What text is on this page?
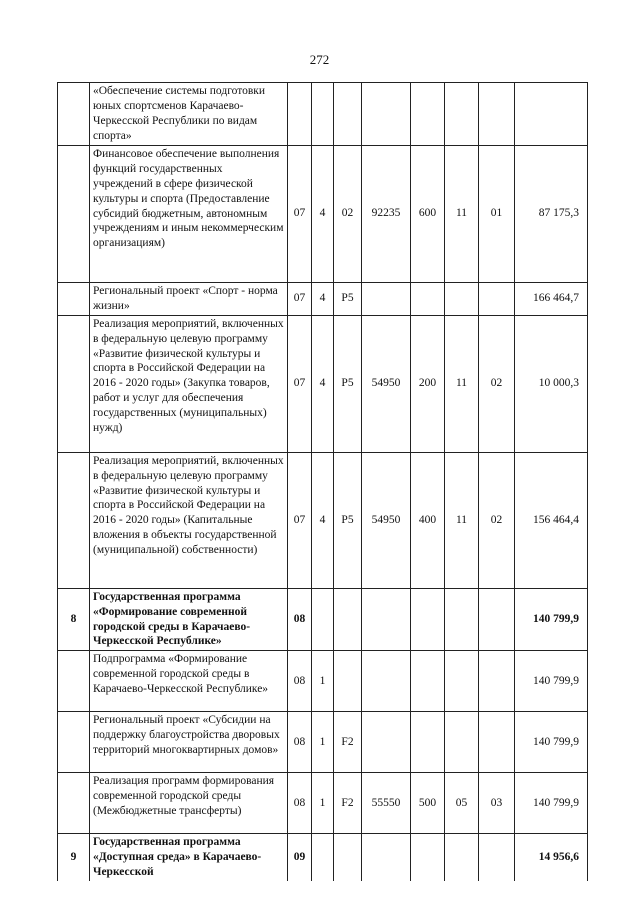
272
	«Обеспечение системы подготовки юных спортсменов Карачаево-Черкесской Республики по видам спорта»								
	Финансовое обеспечение выполнения функций государственных учреждений в сфере физической культуры и спорта (Предоставление субсидий бюджетным, автономным учреждениям и иным некоммерческим организациям)	07	4	02	92235	600	11	01	87 175,3
	Региональный проект «Спорт - норма жизни»	07	4	P5					166 464,7
	Реализация мероприятий, включенных в федеральную целевую программу «Развитие физической культуры и спорта в Российской Федерации на 2016 - 2020 годы» (Закупка товаров, работ и услуг для обеспечения государственных (муниципальных) нужд)	07	4	P5	54950	200	11	02	10 000,3
	Реализация мероприятий, включенных в федеральную целевую программу «Развитие физической культуры и спорта в Российской Федерации на 2016 - 2020 годы» (Капитальные вложения в объекты государственной (муниципальной) собственности)	07	4	P5	54950	400	11	02	156 464,4
8	Государственная программа «Формирование современной городской среды в Карачаево-Черкесской Республике»	08							140 799,9
	Подпрограмма «Формирование современной городской среды в Карачаево-Черкесской Республике»	08	1						140 799,9
	Региональный проект «Субсидии на поддержку благоустройства дворовых территорий многоквартирных домов»	08	1	F2					140 799,9
	Реализация программ формирования современной городской среды (Межбюджетные трансферты)	08	1	F2	55550	500	05	03	140 799,9
9	Государственная программа «Доступная среда» в Карачаево-Черкесской	09							14 956,6
